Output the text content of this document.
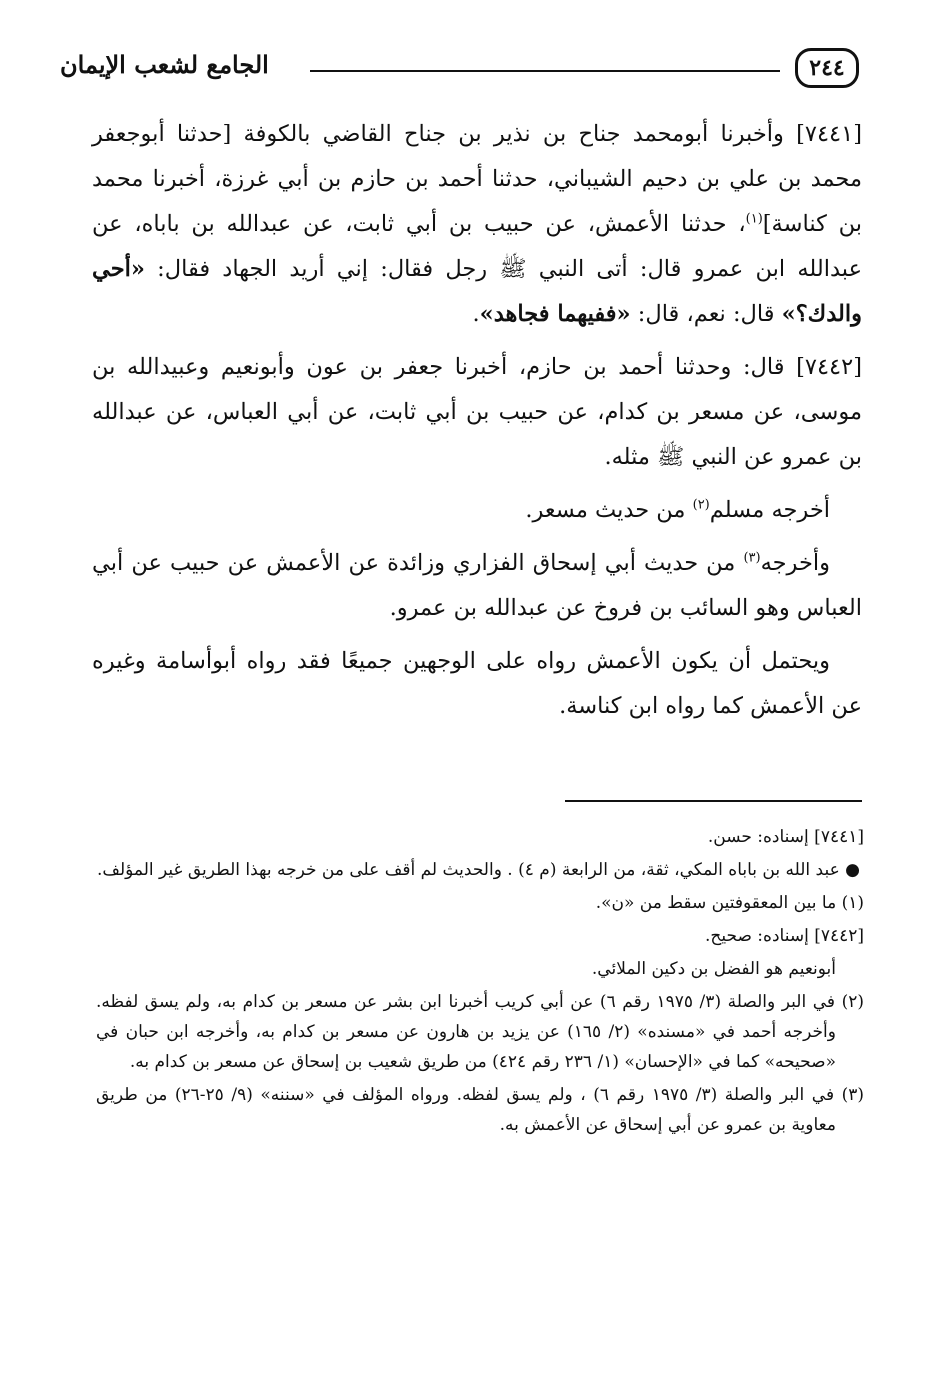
٢٤٤
الجامع لشعب الإيمان

[٧٤٤١] وأخبرنا أبومحمد جناح بن نذير بن جناح القاضي بالكوفة [حدثنا أبوجعفر محمد بن علي بن دحيم الشيباني، حدثنا أحمد بن حازم بن أبي غرزة، أخبرنا محمد بن كناسة]$^{(١)}$، حدثنا الأعمش، عن حبيب بن أبي ثابت، عن عبدالله بن باباه، عن عبدالله ابن عمرو قال: أتى النبي ﷺ رجل فقال: إني أريد الجهاد فقال: «أحي والدك؟» قال: نعم، قال: «ففيهما فجاهد».

[٧٤٤٢] قال: وحدثنا أحمد بن حازم، أخبرنا جعفر بن عون وأبونعيم وعبيدالله بن موسى، عن مسعر بن كدام، عن حبيب بن أبي ثابت، عن أبي العباس، عن عبدالله بن عمرو عن النبي ﷺ مثله.

أخرجه مسلم$^{(٢)}$ من حديث مسعر.

وأخرجه$^{(٣)}$ من حديث أبي إسحاق الفزاري وزائدة عن الأعمش عن حبيب عن أبي العباس وهو السائب بن فروخ عن عبدالله بن عمرو.

ويحتمل أن يكون الأعمش رواه على الوجهين جميعًا فقد رواه أبوأسامة وغيره عن الأعمش كما رواه ابن كناسة.

[٧٤٤١] إسناده: حسن.

● عبد الله بن باباه المكي، ثقة، من الرابعة (م ٤) . والحديث لم أقف على من خرجه بهذا الطريق غير المؤلف.

(١) ما بين المعقوفتين سقط من «ن».

[٧٤٤٢] إسناده: صحيح.

أبونعيم هو الفضل بن دكين الملائي.

(٢) في البر والصلة (٣/ ١٩٧٥ رقم ٦) عن أبي كريب أخبرنا ابن بشر عن مسعر بن كدام به، ولم يسق لفظه. وأخرجه أحمد في «مسنده» (٢/ ١٦٥) عن يزيد بن هارون عن مسعر بن كدام به، وأخرجه ابن حبان في «صحيحه» كما في «الإحسان» (١/ ٢٣٦ رقم ٤٢٤) من طريق شعيب بن إسحاق عن مسعر بن كدام به.

(٣) في البر والصلة (٣/ ١٩٧٥ رقم ٦) ، ولم يسق لفظه. ورواه المؤلف في «سننه» (٩/ ٢٥-٢٦) من طريق معاوية بن عمرو عن أبي إسحاق عن الأعمش به.
